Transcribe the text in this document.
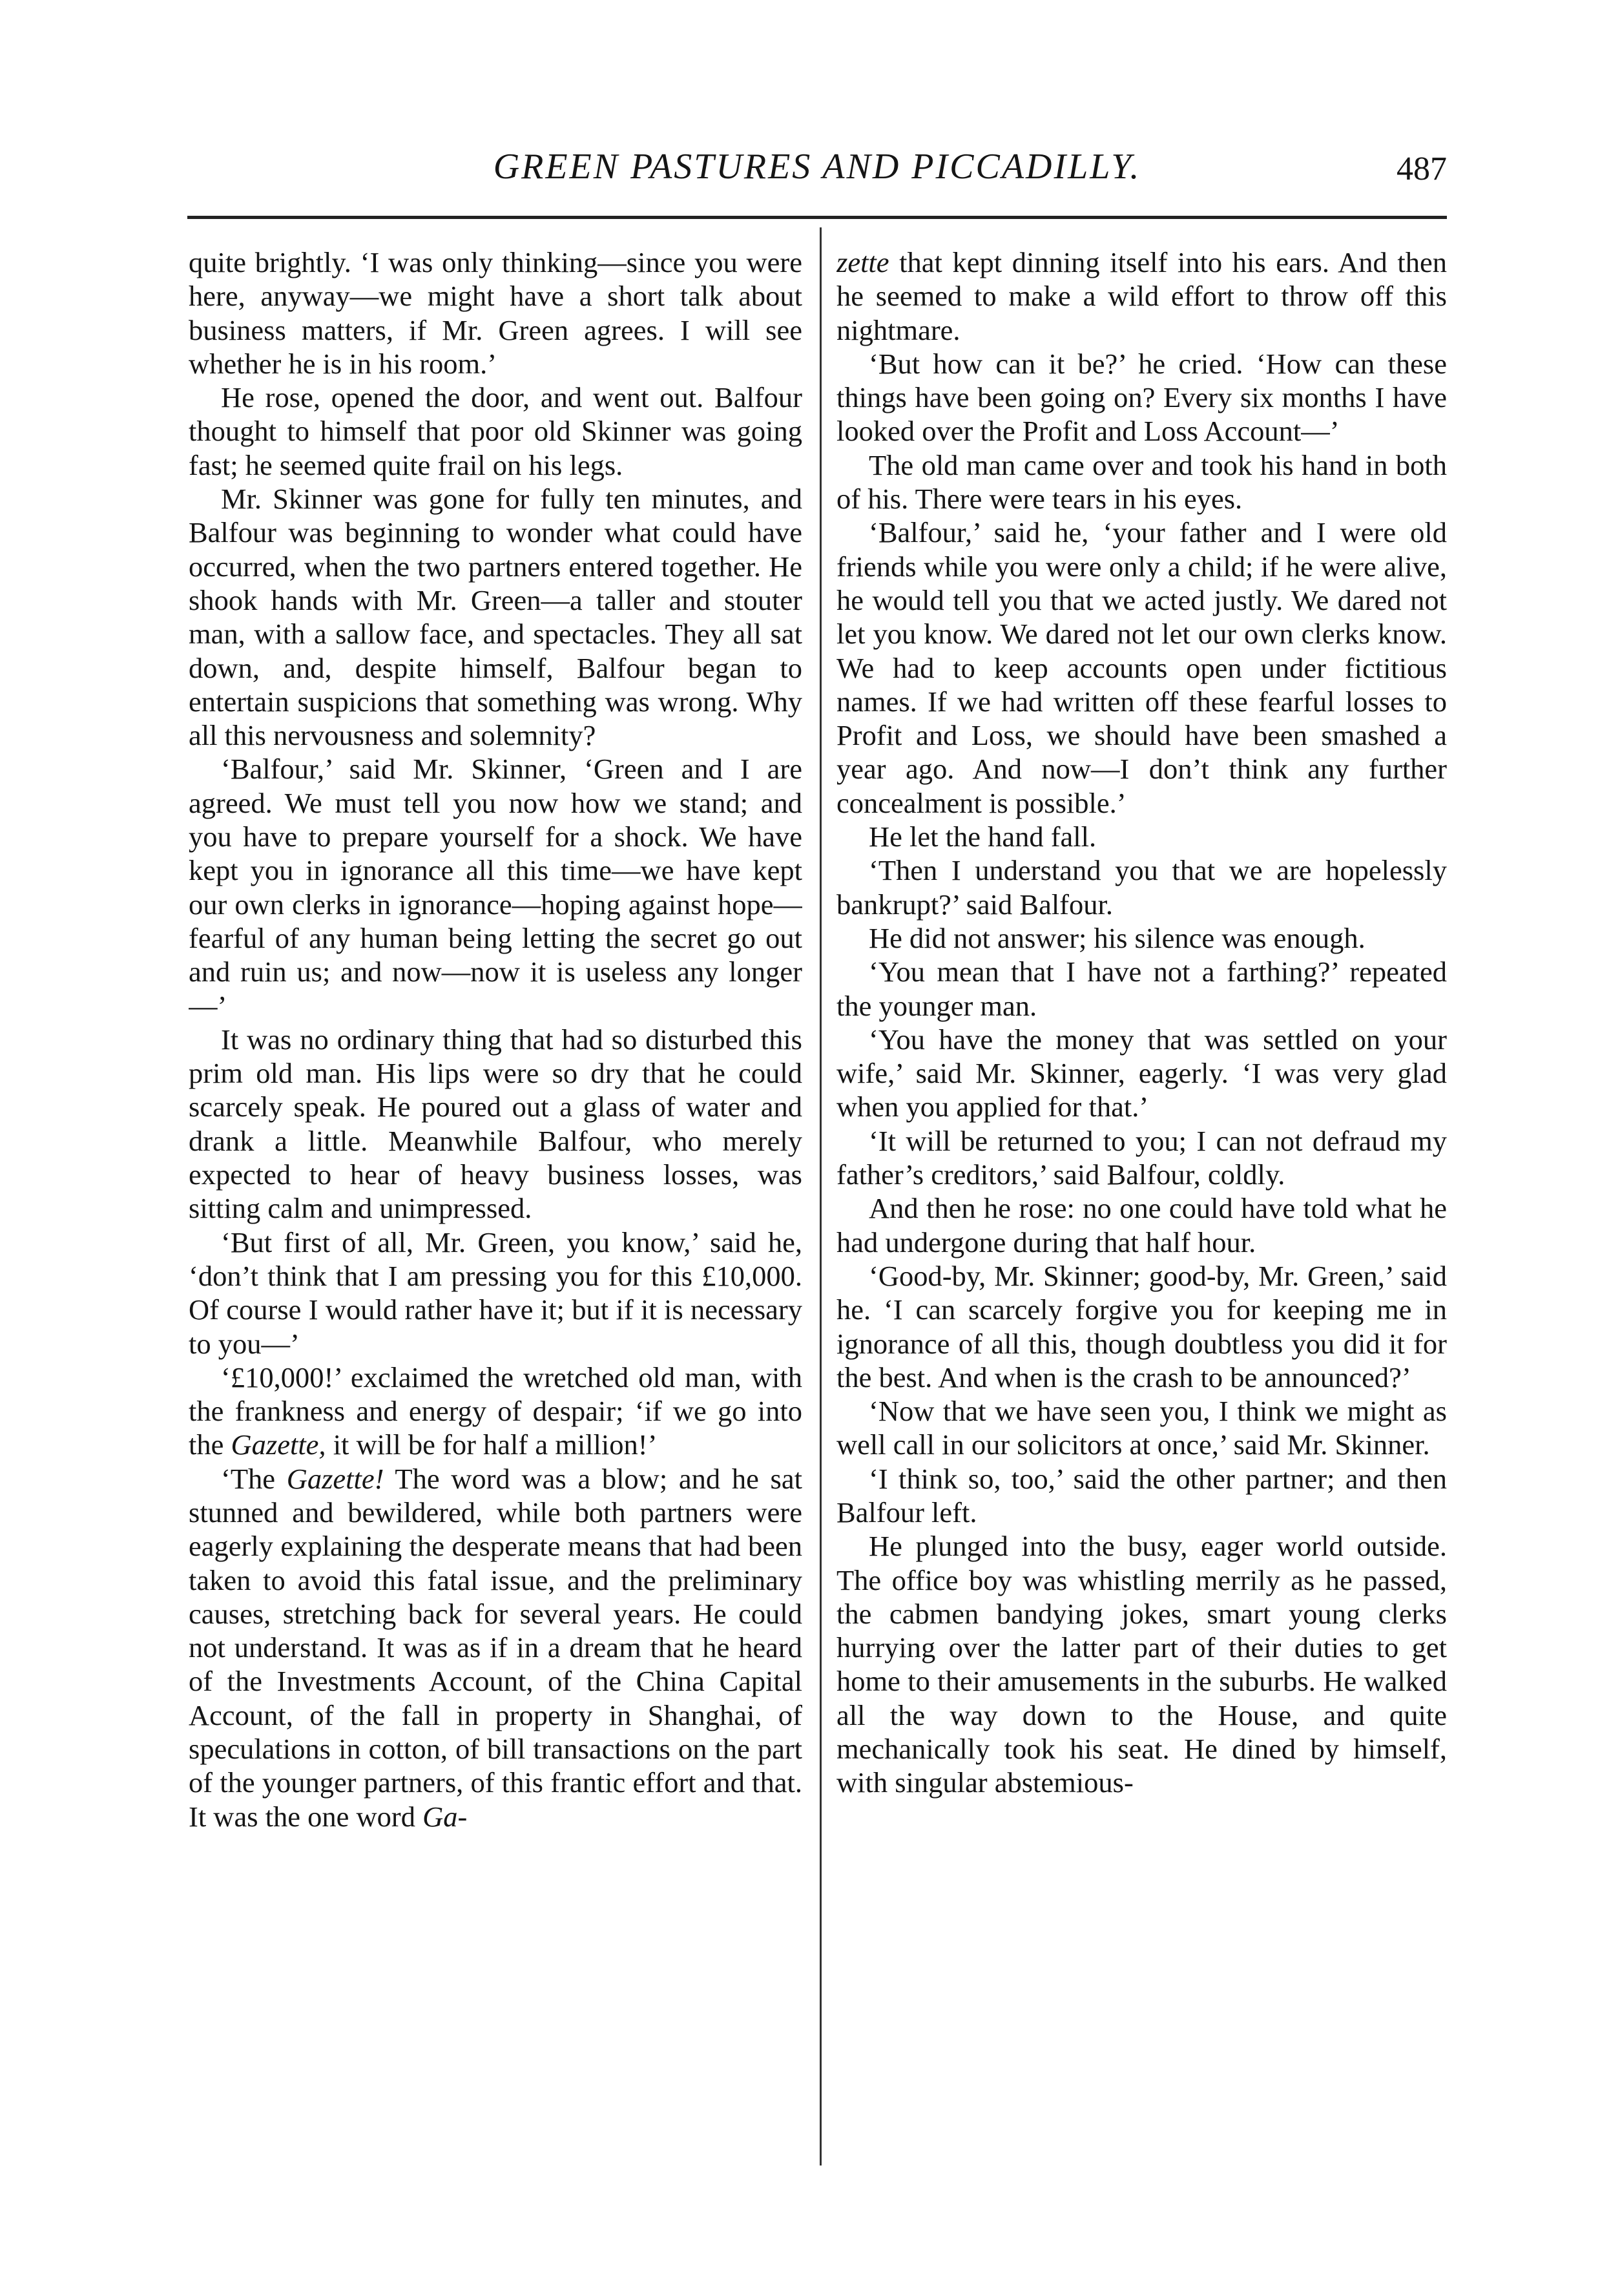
GREEN PASTURES AND PICCADILLY.	487

quite brightly. ‘I was only thinking—since you were here, anyway—we might have a short talk about business matters, if Mr. Green agrees. I will see whether he is in his room.’

He rose, opened the door, and went out. Balfour thought to himself that poor old Skinner was going fast; he seemed quite frail on his legs.

Mr. Skinner was gone for fully ten minutes, and Balfour was beginning to wonder what could have occurred, when the two partners entered together. He shook hands with Mr. Green—a taller and stouter man, with a sallow face, and spectacles. They all sat down, and, despite himself, Balfour began to entertain suspicions that something was wrong. Why all this nervousness and solemnity?

‘Balfour,’ said Mr. Skinner, ‘Green and I are agreed. We must tell you now how we stand; and you have to prepare yourself for a shock. We have kept you in ignorance all this time—we have kept our own clerks in ignorance—hoping against hope—fearful of any human being letting the secret go out and ruin us; and now—now it is useless any longer—’

It was no ordinary thing that had so disturbed this prim old man. His lips were so dry that he could scarcely speak. He poured out a glass of water and drank a little. Meanwhile Balfour, who merely expected to hear of heavy business losses, was sitting calm and unimpressed.

‘But first of all, Mr. Green, you know,’ said he, ‘don’t think that I am pressing you for this £10,000. Of course I would rather have it; but if it is necessary to you—’

‘£10,000!’ exclaimed the wretched old man, with the frankness and energy of despair; ‘if we go into the Gazette, it will be for half a million!’

‘The Gazette! The word was a blow; and he sat stunned and bewildered, while both partners were eagerly explaining the desperate means that had been taken to avoid this fatal issue, and the preliminary causes, stretching back for several years. He could not understand. It was as if in a dream that he heard of the Investments Account, of the China Capital Account, of the fall in property in Shanghai, of speculations in cotton, of bill transactions on the part of the younger partners, of this frantic effort and that. It was the one word Ga-

zette that kept dinning itself into his ears. And then he seemed to make a wild effort to throw off this nightmare.

‘But how can it be?’ he cried. ‘How can these things have been going on? Every six months I have looked over the Profit and Loss Account—’

The old man came over and took his hand in both of his. There were tears in his eyes.

‘Balfour,’ said he, ‘your father and I were old friends while you were only a child; if he were alive, he would tell you that we acted justly. We dared not let you know. We dared not let our own clerks know. We had to keep accounts open under fictitious names. If we had written off these fearful losses to Profit and Loss, we should have been smashed a year ago. And now—I don’t think any further concealment is possible.’

He let the hand fall.

‘Then I understand you that we are hopelessly bankrupt?’ said Balfour.

He did not answer; his silence was enough.

‘You mean that I have not a farthing?’ repeated the younger man.

‘You have the money that was settled on your wife,’ said Mr. Skinner, eagerly. ‘I was very glad when you applied for that.’

‘It will be returned to you; I can not defraud my father’s creditors,’ said Balfour, coldly.

And then he rose: no one could have told what he had undergone during that half hour.

‘Good-by, Mr. Skinner; good-by, Mr. Green,’ said he. ‘I can scarcely forgive you for keeping me in ignorance of all this, though doubtless you did it for the best. And when is the crash to be announced?’

‘Now that we have seen you, I think we might as well call in our solicitors at once,’ said Mr. Skinner.

‘I think so, too,’ said the other partner; and then Balfour left.

He plunged into the busy, eager world outside. The office boy was whistling merrily as he passed, the cabmen bandying jokes, smart young clerks hurrying over the latter part of their duties to get home to their amusements in the suburbs. He walked all the way down to the House, and quite mechanically took his seat. He dined by himself, with singular abstemious-
